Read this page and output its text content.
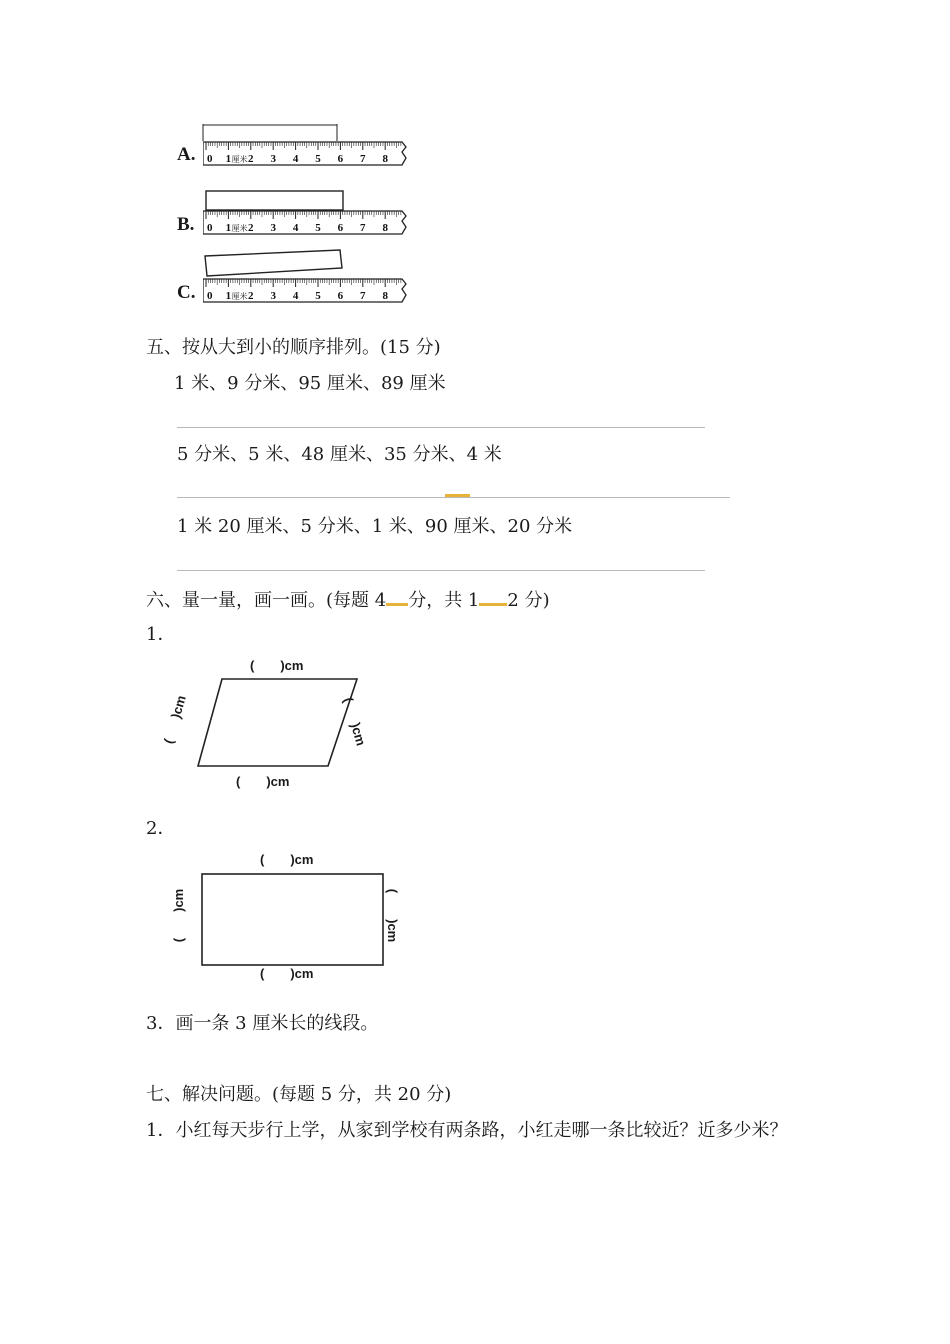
A. 0 1 2 3 4 5 6 7 8
厘米
B. 0 1 2 3 4 5 6 7 8
厘米
C. 0 1 2 3 4 5 6 7 8
厘米
五、按从大到小的顺序排列。(15 分)
1 米、9 分米、95 厘米、89 厘米
5 分米、5 米、48 厘米、35 分米、4 米
1 米 20 厘米、5 分米、1 米、90 厘米、20 分米
六、量一量，画一画。(每题 4 分，共 1 2 分)
1．
( )cm
( )cm
()cm	()cm
2．
( )cm
( )cm
()cm	()cm
3．画一条 3 厘米长的线段。
七、解决问题。(每题 5 分，共 20 分)
1．小红每天步行上学，从家到学校有两条路，小红走哪一条比较近？近多少米？
